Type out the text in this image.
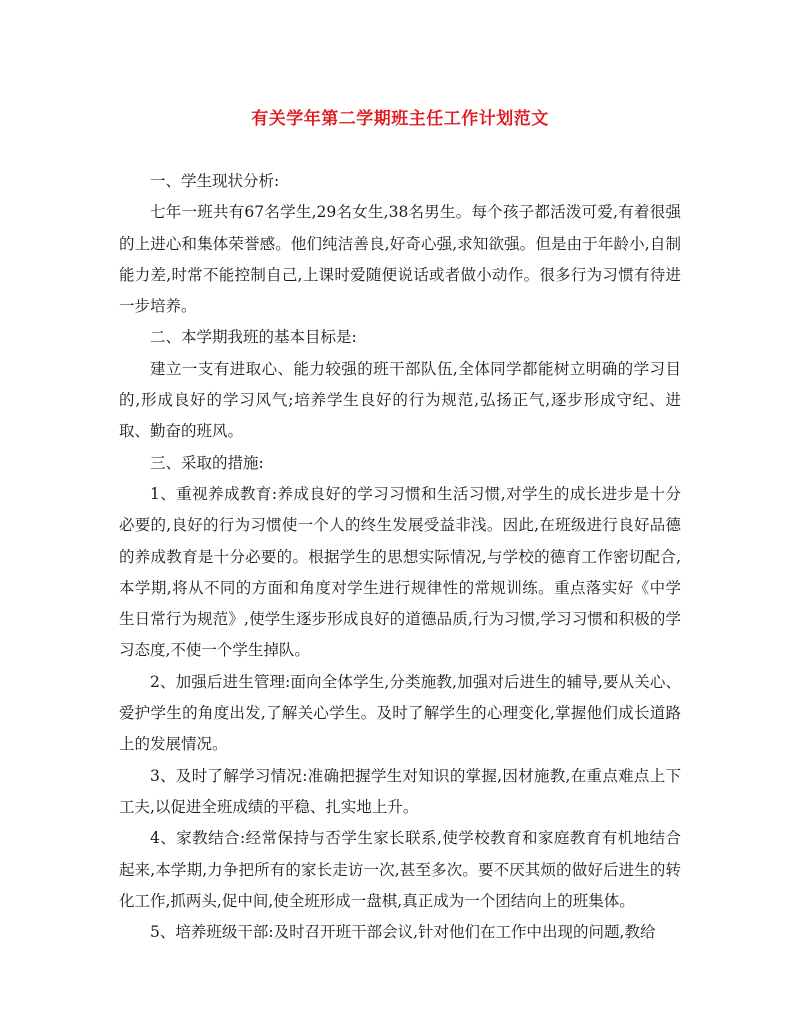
有关学年第二学期班主任工作计划范文

一、学生现状分析:

七年一班共有67名学生,29名女生,38名男生。每个孩子都活泼可爱,有着很强的上进心和集体荣誉感。他们纯洁善良,好奇心强,求知欲强。但是由于年龄小,自制能力差,时常不能控制自己,上课时爱随便说话或者做小动作。很多行为习惯有待进一步培养。

二、本学期我班的基本目标是:

建立一支有进取心、能力较强的班干部队伍,全体同学都能树立明确的学习目的,形成良好的学习风气;培养学生良好的行为规范,弘扬正气,逐步形成守纪、进取、勤奋的班风。

三、采取的措施:

1、重视养成教育:养成良好的学习习惯和生活习惯,对学生的成长进步是十分必要的,良好的行为习惯使一个人的终生发展受益非浅。因此,在班级进行良好品德的养成教育是十分必要的。根据学生的思想实际情况,与学校的德育工作密切配合,本学期,将从不同的方面和角度对学生进行规律性的常规训练。重点落实好《中学生日常行为规范》,使学生逐步形成良好的道德品质,行为习惯,学习习惯和积极的学习态度,不使一个学生掉队。

2、加强后进生管理:面向全体学生,分类施教,加强对后进生的辅导,要从关心、爱护学生的角度出发,了解关心学生。及时了解学生的心理变化,掌握他们成长道路上的发展情况。

3、及时了解学习情况:准确把握学生对知识的掌握,因材施教,在重点难点上下工夫,以促进全班成绩的平稳、扎实地上升。

4、家教结合:经常保持与否学生家长联系,使学校教育和家庭教育有机地结合起来,本学期,力争把所有的家长走访一次,甚至多次。要不厌其烦的做好后进生的转化工作,抓两头,促中间,使全班形成一盘棋,真正成为一个团结向上的班集体。

5、培养班级干部:及时召开班干部会议,针对他们在工作中出现的问题,教给
